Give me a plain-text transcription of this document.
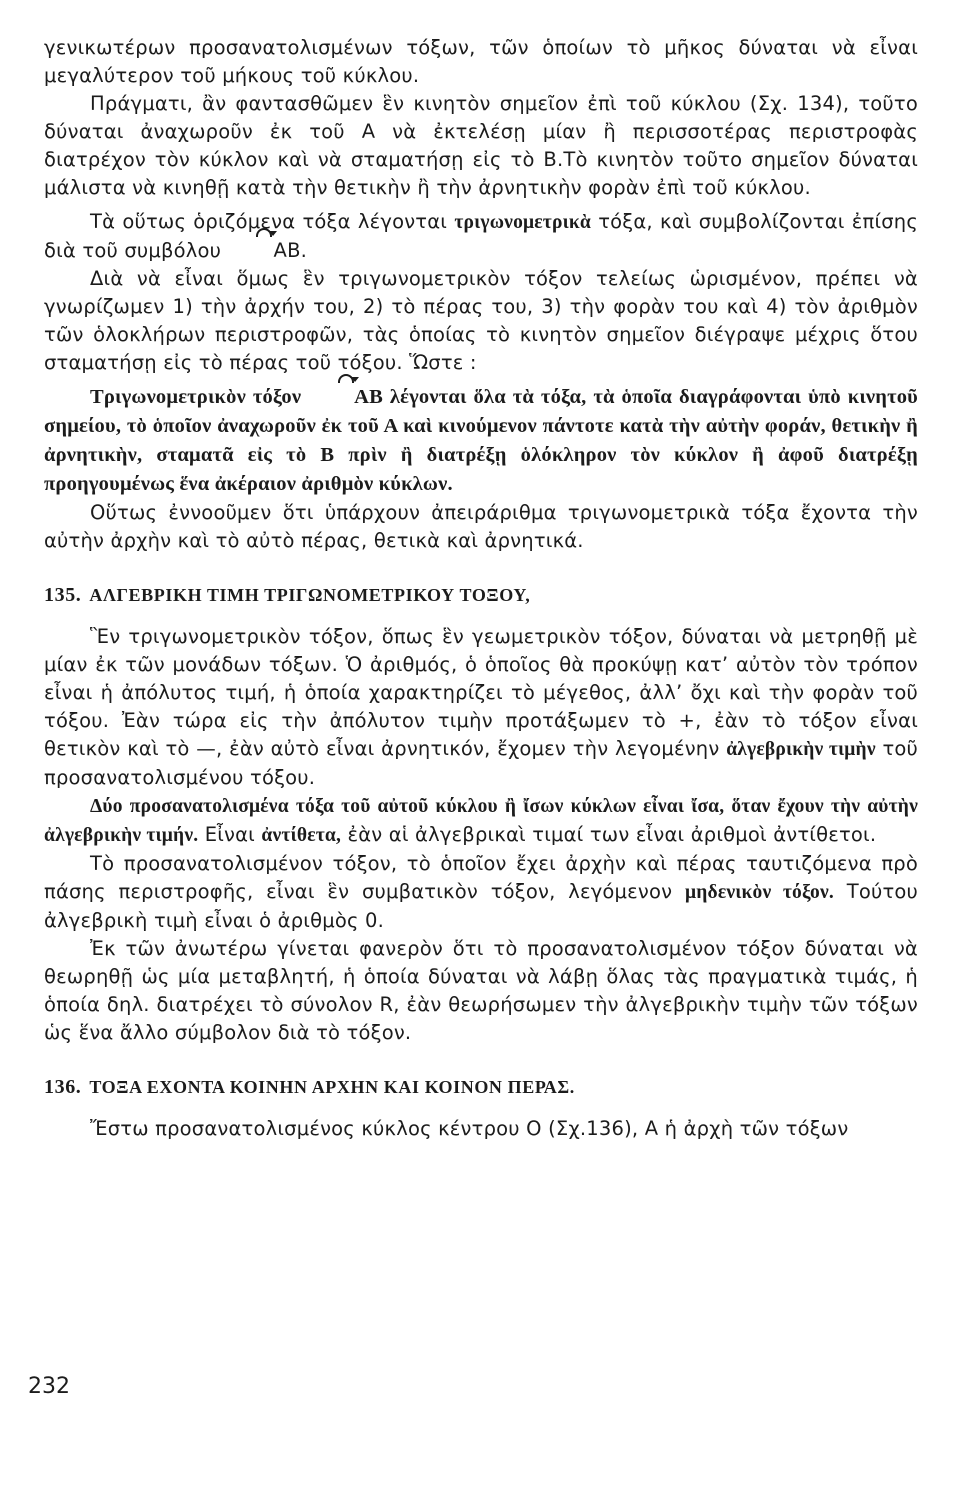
γενικωτέρων προσανατολισμένων τόξων, τῶν ὁποίων τὸ μῆκος δύναται νὰ εἶναι μεγαλύτερον τοῦ μήκους τοῦ κύκλου.

Πράγματι, ἂν φαντασθῶμεν ἓν κινητὸν σημεῖον ἐπὶ τοῦ κύκλου (Σχ. 134), τοῦτο δύναται ἀναχωροῦν ἐκ τοῦ Α νὰ ἐκτελέσῃ μίαν ἢ περισσοτέρας περιστροφὰς διατρέχον τὸν κύκλον καὶ νὰ σταματήσῃ εἰς τὸ Β.Τὸ κινητὸν τοῦτο σημεῖον δύναται μάλιστα νὰ κινηθῇ κατὰ τὴν θετικὴν ἢ τὴν ἀρνητικὴν φορὰν ἐπὶ τοῦ κύκλου.

Τὰ οὕτως ὁριζόμενα τόξα λέγονται τριγωνομετρικὰ τόξα, καὶ συμβολίζονται ἐπίσης διὰ τοῦ συμβόλου	ΑΒ
.

Διὰ νὰ εἶναι ὅμως ἓν τριγωνομετρικὸν τόξον τελείως ὡρισμένον, πρέπει νὰ γνωρίζωμεν 1) τὴν ἀρχήν του, 2) τὸ πέρας του, 3) τὴν φορὰν του καὶ 4) τὸν ἀριθμὸν τῶν ὁλοκλήρων περιστροφῶν, τὰς ὁποίας τὸ κινητὸν σημεῖον διέγραψε μέχρις ὅτου σταματήσῃ εἰς τὸ πέρας τοῦ τόξου. Ὥστε :

Τριγωνομετρικὸν τόξον	ΑΒ λέγονται ὅλα τὰ τόξα, τὰ ὁποῖα διαγράφονται ὑπὸ κινητοῦ σημείου, τὸ ὁποῖον ἀναχωροῦν ἐκ τοῦ Α καὶ κινούμενον πάντοτε κατὰ τὴν αὐτὴν φοράν, θετικὴν ἢ ἀρνητικὴν, σταματᾶ εἰς τὸ Β πρὶν ἢ διατρέξῃ ὁλόκληρον τὸν κύκλον ἢ ἀφοῦ διατρέξῃ προηγουμένως ἕνα ἀκέραιον ἀριθμὸν κύκλων.

Οὕτως ἐννοοῦμεν ὅτι ὑπάρχουν ἀπειράριθμα τριγωνομετρικὰ τόξα ἔχοντα τὴν αὐτὴν ἀρχὴν καὶ τὸ αὐτὸ πέρας, θετικὰ καὶ ἀρνητικά.

135. ΑΛΓΕΒΡΙΚΗ ΤΙΜΗ ΤΡΙΓΩΝΟΜΕΤΡΙΚΟΥ ΤΟΞΟΥ,

Ἓν τριγωνομετρικὸν τόξον, ὅπως ἓν γεωμετρικὸν τόξον, δύναται νὰ μετρηθῇ μὲ μίαν ἐκ τῶν μονάδων τόξων. Ὁ ἀριθμός, ὁ ὁποῖος θὰ προκύψῃ κατ’ αὐτὸν τὸν τρόπον εἶναι ἡ ἀπόλυτος τιμή, ἡ ὁποία χαρακτηρίζει τὸ μέγεθος, ἀλλ’ ὄχι καὶ τὴν φορὰν τοῦ τόξου. Ἐὰν τώρα εἰς τὴν ἀπόλυτον τιμὴν προτάξωμεν τὸ +, ἐὰν τὸ τόξον εἶναι θετικὸν καὶ τὸ —, ἐὰν αὐτὸ εἶναι ἀρνητικόν, ἔχομεν τὴν λεγομένην ἀλγεβρικὴν τιμὴν τοῦ προσανατολισμένου τόξου.

Δύο προσανατολισμένα τόξα τοῦ αὐτοῦ κύκλου ἢ ἴσων κύκλων εἶναι ἴσα, ὅταν ἔχουν τὴν αὐτὴν ἀλγεβρικὴν τιμήν. Εἶναι ἀντίθετα, ἐὰν αἱ ἀλγεβρικαὶ τιμαί των εἶναι ἀριθμοὶ ἀντίθετοι.

Τὸ προσανατολισμένον τόξον, τὸ ὁποῖον ἔχει ἀρχὴν καὶ πέρας ταυτιζόμενα πρὸ πάσης περιστροφῆς, εἶναι ἓν συμβατικὸν τόξον, λεγόμενον μηδενικὸν τόξον. Τούτου ἀλγεβρικὴ τιμὴ εἶναι ὁ ἀριθμὸς 0.

Ἐκ τῶν ἀνωτέρω γίνεται φανερὸν ὅτι τὸ προσανατολισμένον τόξον δύναται νὰ θεωρηθῇ ὡς μία μεταβλητή, ἡ ὁποία δύναται νὰ λάβῃ ὅλας τὰς πραγματικὰ τιμάς, ἡ ὁποία δηλ. διατρέχει τὸ σύνολον R, ἐὰν θεωρήσωμεν τὴν ἀλγεβρικὴν τιμὴν τῶν τόξων ὡς ἕνα ἄλλο σύμβολον διὰ τὸ τόξον.

136. ΤΟΞΑ ΕΧΟΝΤΑ ΚΟΙΝΗΝ ΑΡΧΗΝ ΚΑΙ ΚΟΙΝΟΝ ΠΕΡΑΣ.

Ἔστω προσανατολισμένος κύκλος κέντρου Ο (Σχ.136), Α ἡ ἀρχὴ τῶν τόξων

232
